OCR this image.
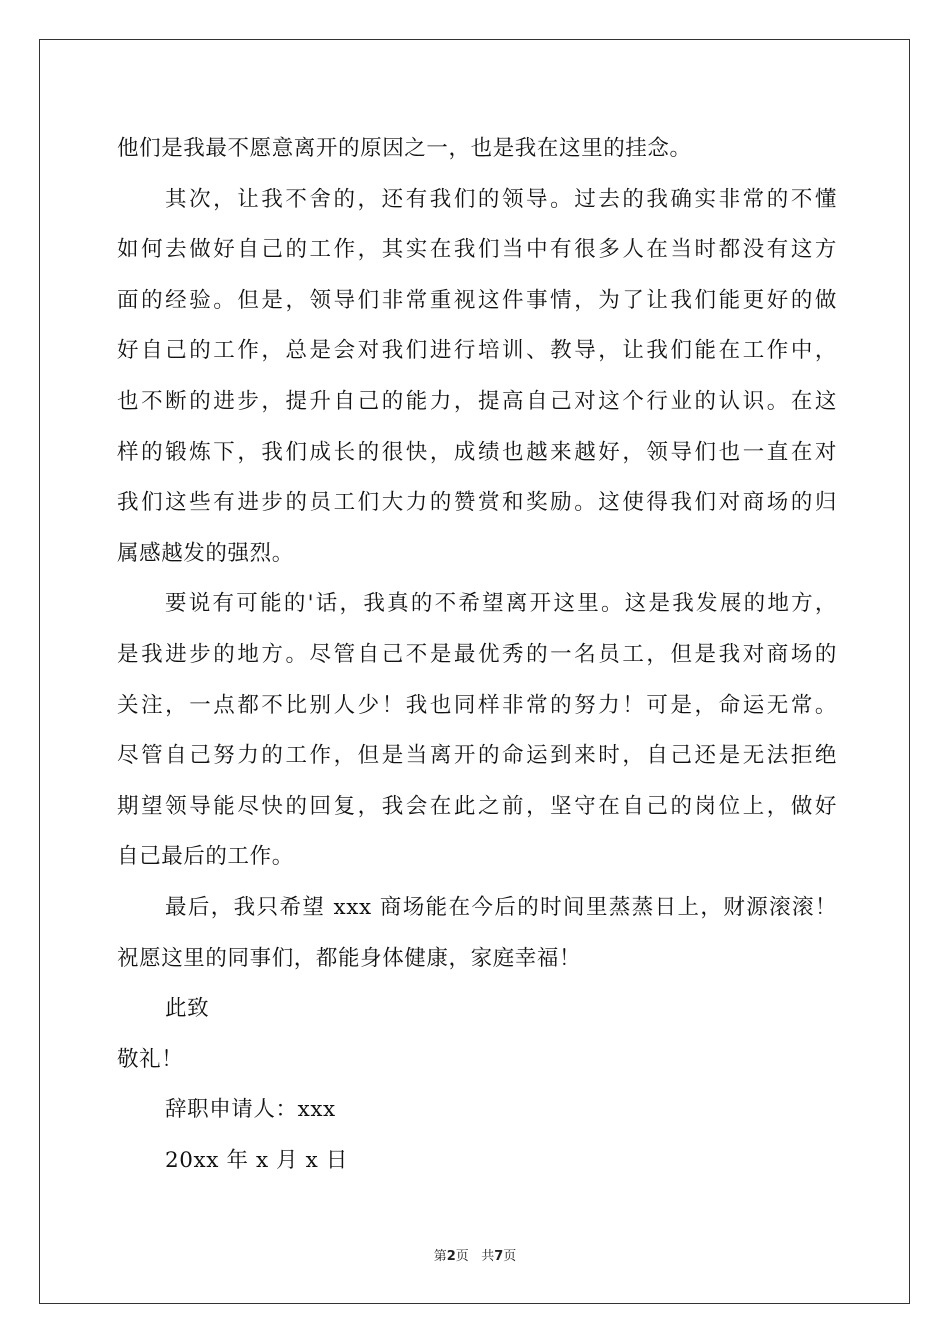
他们是我最不愿意离开的原因之一，也是我在这里的挂念。
其次，让我不舍的，还有我们的领导。过去的我确实非常的不懂
如何去做好自己的工作，其实在我们当中有很多人在当时都没有这方
面的经验。但是，领导们非常重视这件事情，为了让我们能更好的做
好自己的工作，总是会对我们进行培训、教导，让我们能在工作中，
也不断的进步，提升自己的能力，提高自己对这个行业的认识。在这
样的锻炼下，我们成长的很快，成绩也越来越好，领导们也一直在对
我们这些有进步的员工们大力的赞赏和奖励。这使得我们对商场的归
属感越发的强烈。
要说有可能的'话，我真的不希望离开这里。这是我发展的地方，
是我进步的地方。尽管自己不是最优秀的一名员工，但是我对商场的
关注，一点都不比别人少！我也同样非常的努力！可是，命运无常。
尽管自己努力的工作，但是当离开的命运到来时，自己还是无法拒绝
期望领导能尽快的回复，我会在此之前，坚守在自己的岗位上，做好
自己最后的工作。
最后，我只希望 xxx 商场能在今后的时间里蒸蒸日上，财源滚滚！
祝愿这里的同事们，都能身体健康，家庭幸福！
此致
敬礼！
辞职申请人：xxx
20xx 年 x 月 x 日
第2页 共7页
